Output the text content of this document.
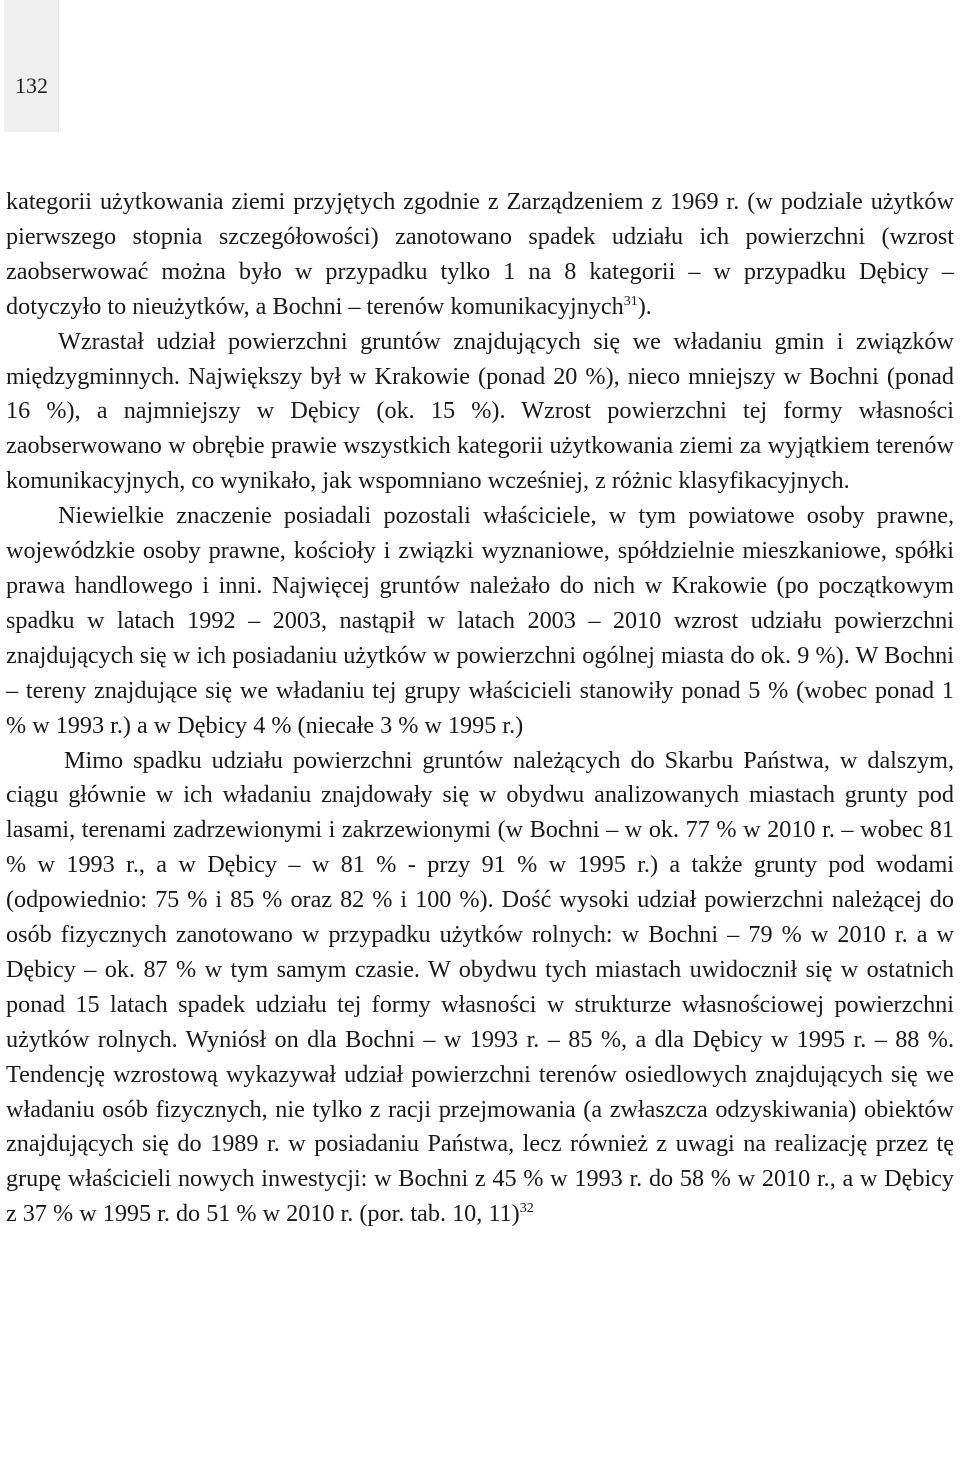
132

kategorii użytkowania ziemi przyjętych zgodnie z Zarządzeniem z 1969 r. (w podziale użytków pierwszego stopnia szczegółowości) zanotowano spadek udziału ich powierzchni (wzrost zaobserwować można było w przypadku tylko 1 na 8 kategorii – w przypadku Dębicy – dotyczyło to nieużytków, a Bochni – terenów komunikacyjnych$^{31}$).

Wzrastał udział powierzchni gruntów znajdujących się we władaniu gmin i związków międzygminnych. Największy był w Krakowie (ponad 20 %), nieco mniejszy w Bochni (ponad 16 %), a najmniejszy w Dębicy (ok. 15 %). Wzrost powierzchni tej formy własności zaobserwowano w obrębie prawie wszystkich kategorii użytkowania ziemi za wyjątkiem terenów komunikacyjnych, co wynikało, jak wspomniano wcześniej, z różnic klasyfikacyjnych.

Niewielkie znaczenie posiadali pozostali właściciele, w tym powiatowe osoby prawne, wojewódzkie osoby prawne, kościoły i związki wyznaniowe, spółdzielnie mieszkaniowe, spółki prawa handlowego i inni. Najwięcej gruntów należało do nich w Krakowie (po początkowym spadku w latach 1992 – 2003, nastąpił w latach 2003 – 2010 wzrost udziału powierzchni znajdujących się w ich posiadaniu użytków w powierzchni ogólnej miasta do ok. 9 %). W Bochni – tereny znajdujące się we władaniu tej grupy właścicieli stanowiły ponad 5 % (wobec ponad 1 % w 1993 r.) a w Dębicy 4 % (niecałe 3 % w 1995 r.)

Mimo spadku udziału powierzchni gruntów należących do Skarbu Państwa, w dalszym, ciągu głównie w ich władaniu znajdowały się w obydwu analizowanych miastach grunty pod lasami, terenami zadrzewionymi i zakrzewionymi (w Bochni – w ok. 77 % w 2010 r. – wobec 81 % w 1993 r., a w Dębicy – w 81 % - przy 91 % w 1995 r.) a także grunty pod wodami (odpowiednio: 75 % i 85 % oraz 82 % i 100 %). Dość wysoki udział powierzchni należącej do osób fizycznych zanotowano w przypadku użytków rolnych: w Bochni – 79 % w 2010 r. a w Dębicy – ok. 87 % w tym samym czasie. W obydwu tych miastach uwidocznił się w ostatnich ponad 15 latach spadek udziału tej formy własności w strukturze własnościowej powierzchni użytków rolnych. Wyniósł on dla Bochni – w 1993 r. – 85 %, a dla Dębicy w 1995 r. – 88 %. Tendencję wzrostową wykazywał udział powierzchni terenów osiedlowych znajdujących się we władaniu osób fizycznych, nie tylko z racji przejmowania (a zwłaszcza odzyskiwania) obiektów znajdujących się do 1989 r. w posiadaniu Państwa, lecz również z uwagi na realizację przez tę grupę właścicieli nowych inwestycji: w Bochni z 45 % w 1993 r. do 58 % w 2010 r., a w Dębicy z 37 % w 1995 r. do 51 % w 2010 r. (por. tab. 10, 11)$^{32}$
